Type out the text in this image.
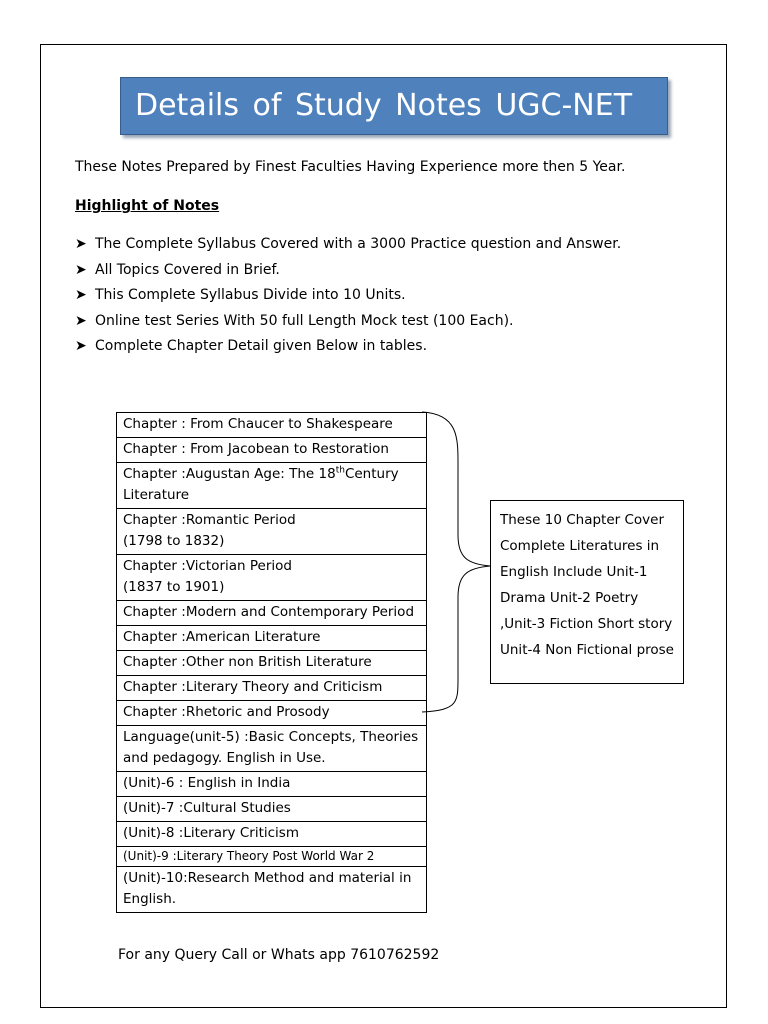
Details of Study Notes UGC-NET
These Notes Prepared by Finest Faculties Having Experience more then 5 Year.
Highlight of Notes
➤ The Complete Syllabus Covered with a 3000 Practice question and Answer.
➤ All Topics Covered in Brief.
➤ This Complete Syllabus Divide into 10 Units.
➤ Online test Series With 50 full Length Mock test (100 Each).
➤ Complete Chapter Detail given Below in tables.
Chapter : From Chaucer to Shakespeare
Chapter : From Jacobean to Restoration
Chapter :Augustan Age: The 18thCentury Literature
Chapter :Romantic Period
(1798 to 1832)
Chapter :Victorian Period
(1837 to 1901)
Chapter :Modern and Contemporary Period
Chapter :American Literature
Chapter :Other non British Literature
Chapter :Literary Theory and Criticism
Chapter :Rhetoric and Prosody
Language(unit-5) :Basic Concepts, Theories and pedagogy. English in Use.
(Unit)-6 : English in India
(Unit)-7 :Cultural Studies
(Unit)-8 :Literary Criticism
(Unit)-9 :Literary Theory Post World War 2
(Unit)-10:Research Method and material in English.
These 10 Chapter Cover Complete Literatures in English Include Unit-1 Drama Unit-2 Poetry ,Unit-3 Fiction Short story Unit-4 Non Fictional prose
For any Query Call or Whats app 7610762592
